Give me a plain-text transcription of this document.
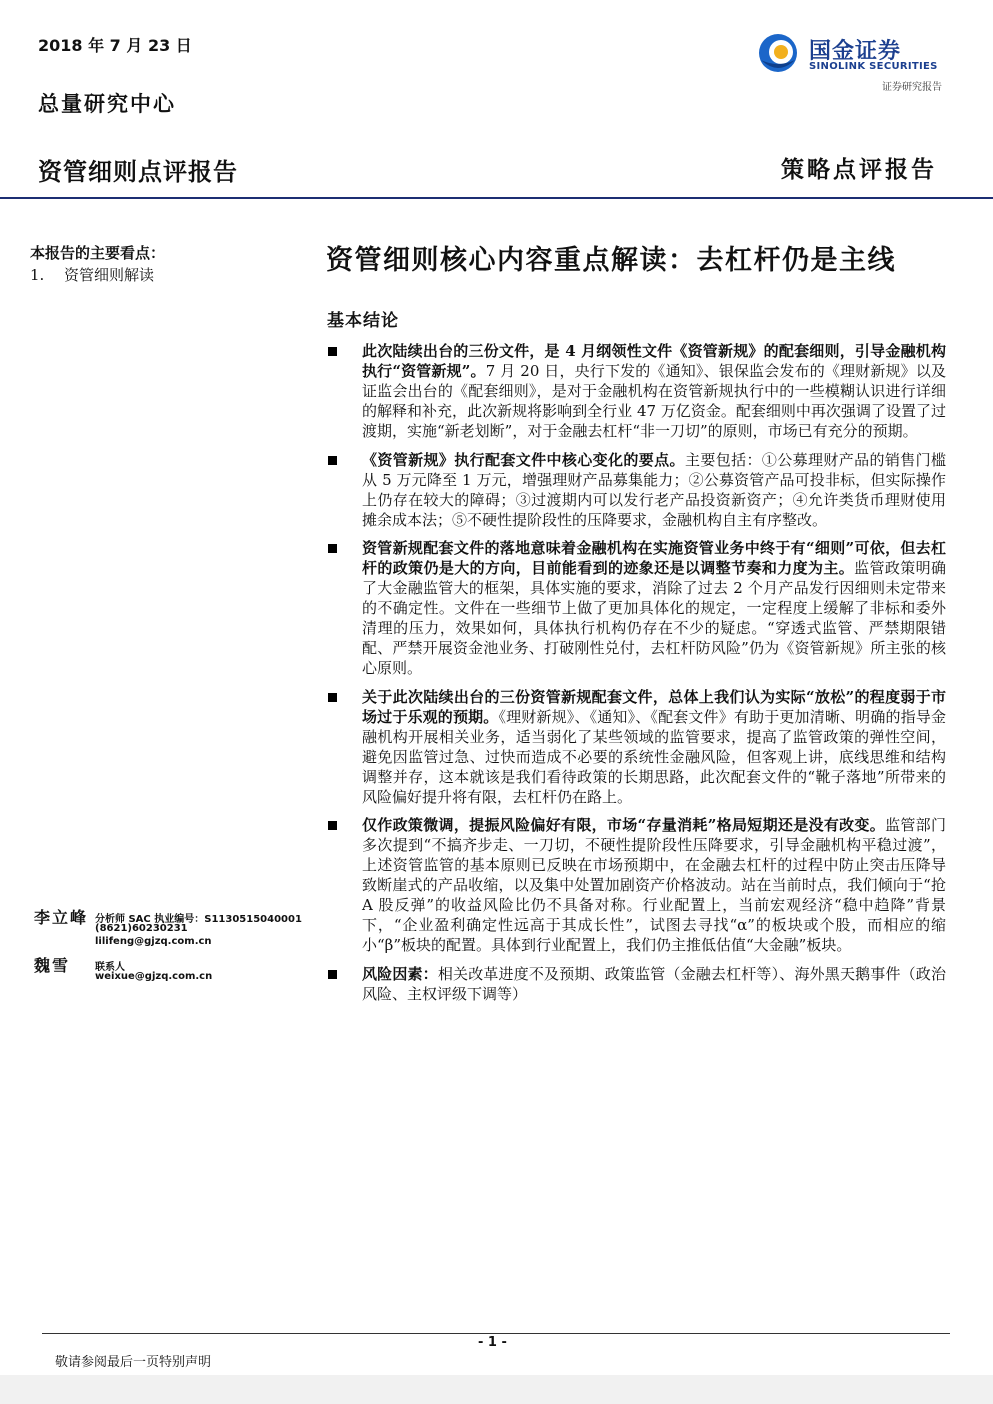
2018 年 7 月 23 日
总量研究中心
资管细则点评报告	策略点评报告
国金证券
SINOLINK SECURITIES
证券研究报告
本报告的主要看点：
1. 资管细则解读
李立峰 分析师 SAC 执业编号：S1130515040001
(8621)60230231
lilifeng@gjzq.com.cn
魏雪 联系人
weixue@gjzq.com.cn
资管细则核心内容重点解读：去杠杆仍是主线
基本结论
此次陆续出台的三份文件，是 4 月纲领性文件《资管新规》的配套细则，引导金融机构执行“资管新规”。7 月 20 日，央行下发的《通知》、银保监会发布的《理财新规》以及证监会出台的《配套细则》，是对于金融机构在资管新规执行中的一些模糊认识进行详细的解释和补充，此次新规将影响到全行业 47 万亿资金。配套细则中再次强调了设置了过渡期，实施“新老划断”，对于金融去杠杆“非一刀切”的原则，市场已有充分的预期。
《资管新规》执行配套文件中核心变化的要点。主要包括：①公募理财产品的销售门槛从 5 万元降至 1 万元，增强理财产品募集能力；②公募资管产品可投非标，但实际操作上仍存在较大的障碍；③过渡期内可以发行老产品投资新资产；④允许类货币理财使用摊余成本法；⑤不硬性提阶段性的压降要求，金融机构自主有序整改。
资管新规配套文件的落地意味着金融机构在实施资管业务中终于有“细则”可依，但去杠杆的政策仍是大的方向，目前能看到的迹象还是以调整节奏和力度为主。监管政策明确了大金融监管大的框架，具体实施的要求，消除了过去 2 个月产品发行因细则未定带来的不确定性。文件在一些细节上做了更加具体化的规定，一定程度上缓解了非标和委外清理的压力，效果如何，具体执行机构仍存在不少的疑虑。“穿透式监管、严禁期限错配、严禁开展资金池业务、打破刚性兑付，去杠杆防风险”仍为《资管新规》所主张的核心原则。
关于此次陆续出台的三份资管新规配套文件，总体上我们认为实际“放松”的程度弱于市场过于乐观的预期。《理财新规》、《通知》、《配套文件》有助于更加清晰、明确的指导金融机构开展相关业务，适当弱化了某些领域的监管要求，提高了监管政策的弹性空间，避免因监管过急、过快而造成不必要的系统性金融风险，但客观上讲，底线思维和结构调整并存，这本就该是我们看待政策的长期思路，此次配套文件的“靴子落地”所带来的风险偏好提升将有限，去杠杆仍在路上。
仅作政策微调，提振风险偏好有限，市场“存量消耗”格局短期还是没有改变。监管部门多次提到“不搞齐步走、一刀切，不硬性提阶段性压降要求，引导金融机构平稳过渡”，上述资管监管的基本原则已反映在市场预期中，在金融去杠杆的过程中防止突击压降导致断崖式的产品收缩，以及集中处置加剧资产价格波动。站在当前时点，我们倾向于“抢 A 股反弹”的收益风险比仍不具备对称。行业配置上，当前宏观经济“稳中趋降”背景下，“企业盈利确定性远高于其成长性”，试图去寻找“α”的板块或个股，而相应的缩小“β”板块的配置。具体到行业配置上，我们仍主推低估值“大金融”板块。
风险因素：相关改革进度不及预期、政策监管（金融去杠杆等）、海外黑天鹅事件（政治风险、主权评级下调等）
- 1 -
敬请参阅最后一页特别声明
